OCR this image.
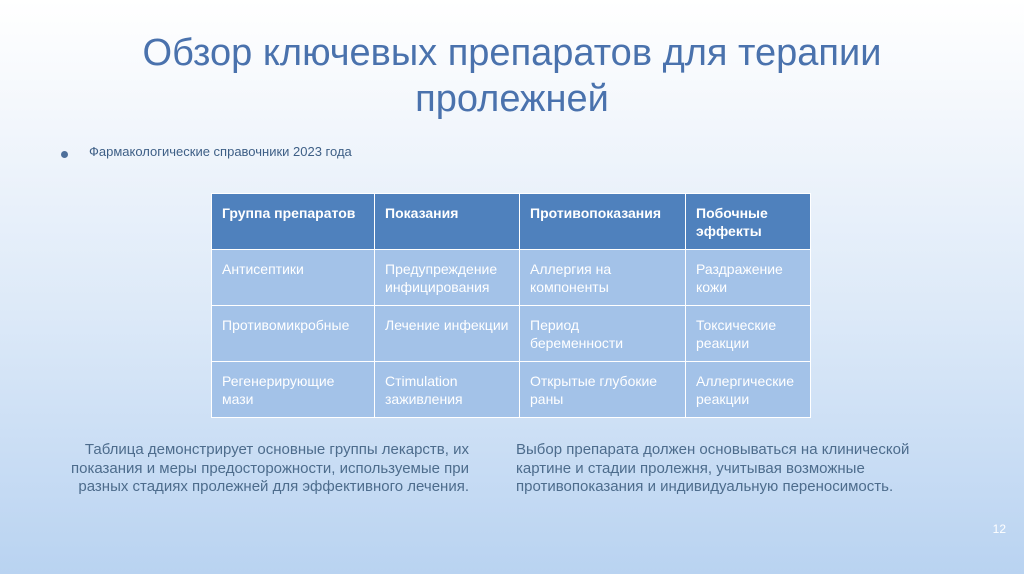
Обзор ключевых препаратов для терапии пролежней
Фармакологические справочники 2023 года
Группа препаратов	Показания	Противопоказания	Побочные эффекты
Антисептики	Предупреждение инфицирования	Аллергия на компоненты	Раздражение кожи
Противомикробные	Лечение инфекции	Период беременности	Токсические реакции
Регенерирующие мази	Стimulation заживления	Открытые глубокие раны	Аллергические реакции
Таблица демонстрирует основные группы лекарств, их показания и меры предосторожности, используемые при разных стадиях пролежней для эффективного лечения.
Выбор препарата должен основываться на клинической картине и стадии пролежня, учитывая возможные противопоказания и индивидуальную переносимость.
12
